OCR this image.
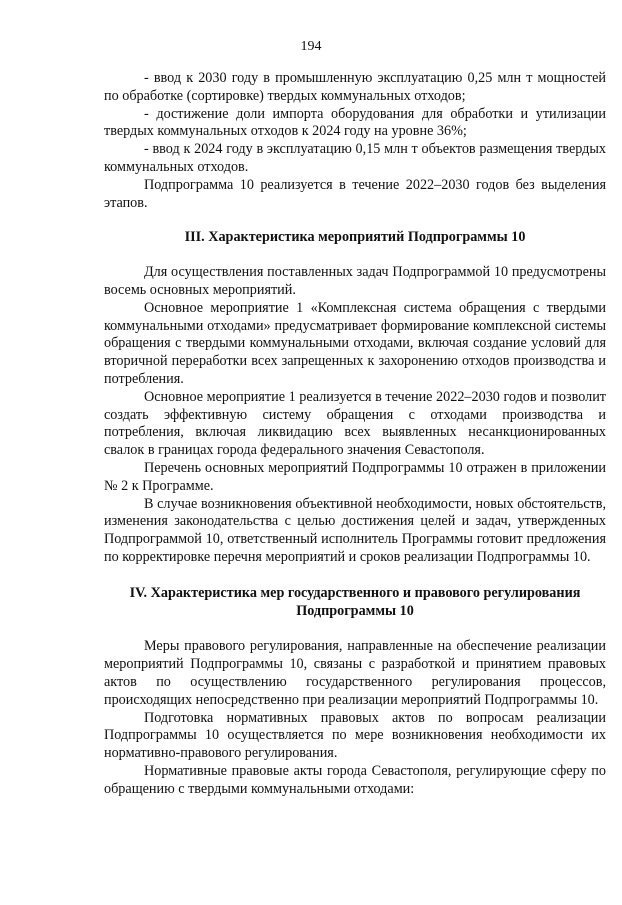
194

- ввод к 2030 году в промышленную эксплуатацию 0,25 млн т мощностей по обработке (сортировке) твердых коммунальных отходов;

- достижение доли импорта оборудования для обработки и утилизации твердых коммунальных отходов к 2024 году на уровне 36%;

- ввод к 2024 году в эксплуатацию 0,15 млн т объектов размещения твердых коммунальных отходов.

Подпрограмма 10 реализуется в течение 2022–2030 годов без выделения этапов.

III. Характеристика мероприятий Подпрограммы 10

Для осуществления поставленных задач Подпрограммой 10 предусмотрены восемь основных мероприятий.

Основное мероприятие 1 «Комплексная система обращения с твердыми коммунальными отходами» предусматривает формирование комплексной системы обращения с твердыми коммунальными отходами, включая создание условий для вторичной переработки всех запрещенных к захоронению отходов производства и потребления.

Основное мероприятие 1 реализуется в течение 2022–2030 годов и позволит создать эффективную систему обращения с отходами производства и потребления, включая ликвидацию всех выявленных несанкционированных свалок в границах города федерального значения Севастополя.

Перечень основных мероприятий Подпрограммы 10 отражен в приложении № 2 к Программе.

В случае возникновения объективной необходимости, новых обстоятельств, изменения законодательства с целью достижения целей и задач, утвержденных Подпрограммой 10, ответственный исполнитель Программы готовит предложения по корректировке перечня мероприятий и сроков реализации Подпрограммы 10.

IV. Характеристика мер государственного и правового регулирования

Подпрограммы 10

Меры правового регулирования, направленные на обеспечение реализации мероприятий Подпрограммы 10, связаны с разработкой и принятием правовых актов по осуществлению государственного регулирования процессов, происходящих непосредственно при реализации мероприятий Подпрограммы 10.

Подготовка нормативных правовых актов по вопросам реализации Подпрограммы 10 осуществляется по мере возникновения необходимости их нормативно-правового регулирования.

Нормативные правовые акты города Севастополя, регулирующие сферу по обращению с твердыми коммунальными отходами:
